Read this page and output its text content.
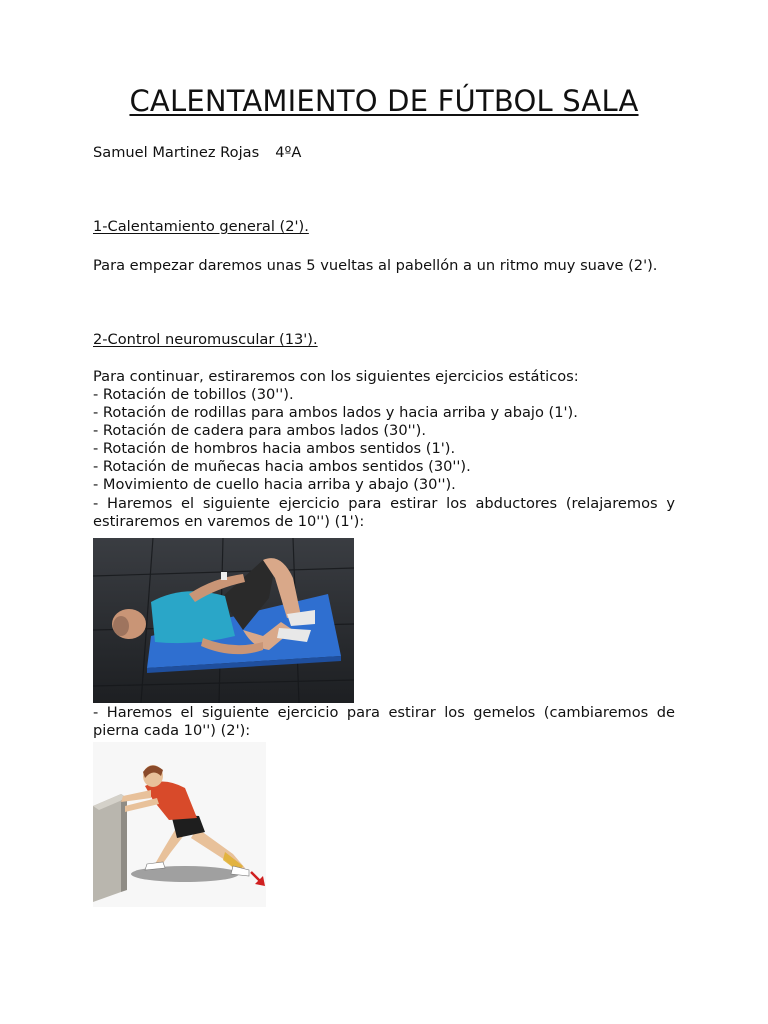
CALENTAMIENTO DE FÚTBOL SALA

Samuel Martinez Rojas 4ºA

1-Calentamiento general (2').

Para empezar daremos unas 5 vueltas al pabellón a un ritmo muy suave (2').

2-Control neuromuscular (13').

Para continuar, estiraremos con los siguientes ejercicios estáticos:

- Rotación de tobillos (30'').
- Rotación de rodillas para ambos lados y hacia arriba y abajo (1').
- Rotación de cadera para ambos lados (30'').
- Rotación de hombros hacia ambos sentidos (1').
- Rotación de muñecas hacia ambos sentidos (30'').
- Movimiento de cuello hacia arriba y abajo (30'').
- Haremos el siguiente ejercicio para estirar los abductores (relajaremos y estiraremos en varemos de 10'') (1'):

- Haremos el siguiente ejercicio para estirar los gemelos (cambiaremos de pierna cada 10'') (2'):
